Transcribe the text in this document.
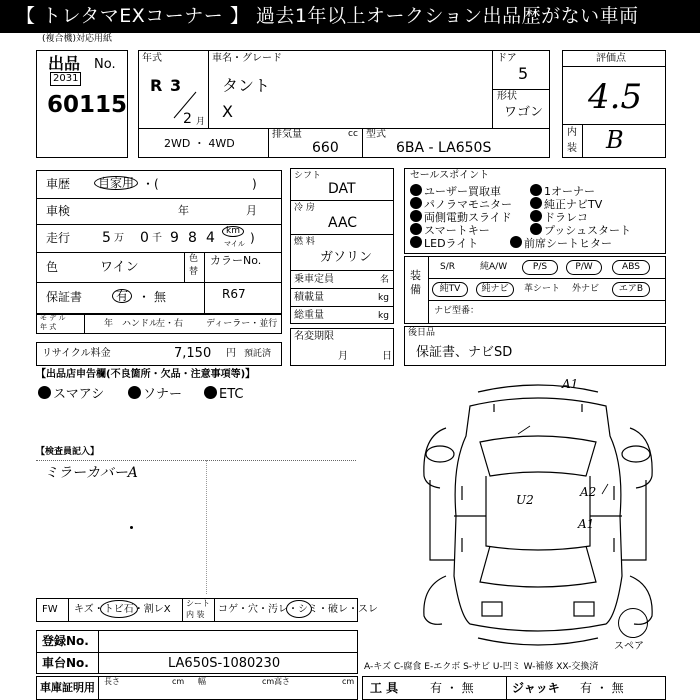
【 トレタマEXコーナー 】 過去1年以上オークション出品歴がない車両
(複合機)対応用紙
出品 No.
2031
60115
年式
R 3
2 月
車名・グレード
タント
X
ドア
5
形状
ワゴン
2WD ・ 4WD
排気量	cc
660
型式
6BA - LA650S
評価点
4.5
内
装 B
車歴	自家用 ・(	)
車検	年	月
走行 5 万 0 千 9 8 4	km
マイル )
色	ワイン
色
替
カラーNo.
R67
保証書	有 ・ 無
モ デ ル
年 式	年 ハンドル
左・右	ディーラー・並行
リサイクル料金	7,150 円 預託済
シフト
DAT
冷 房
AAC
燃 料
ガソリン
乗車定員	名
積載量	kg
総重量	kg
名変期限
月	日
セールスポイント
ユーザー買取車	1オーナー
パノラマモニター	純正ナビTV
両側電動スライド	ドラレコ
スマートキー	プッシュスタート
LEDライト	前席シートヒター
装
備
S/R	純A/W	P/S	P/W	ABS
純TV	純ナビ	革シート 外ナビ	エアB
ナビ型番：
後日品
保証書、ナビSD
【出品店申告欄(不良箇所・欠品・注意事項等)】
スマアシ	ソナー	ETC
【検査員記入】
ミラーカバーA
FW キズ・トビ石・割レX
シート
内 装 コゲ・穴・汚レ・シミ・破レ・スレ
登録No.
車台No.	LA650S-1080230
車庫証明用 長さ	cm 幅	cm 高さ	cm
A1
U2
A2
A1
スペア
A-キズ C-腐食 E-エクボ S-サビ U-凹ミ W-補修 XX-交換済
工 具	有 ・ 無	ジャッキ 有 ・ 無
